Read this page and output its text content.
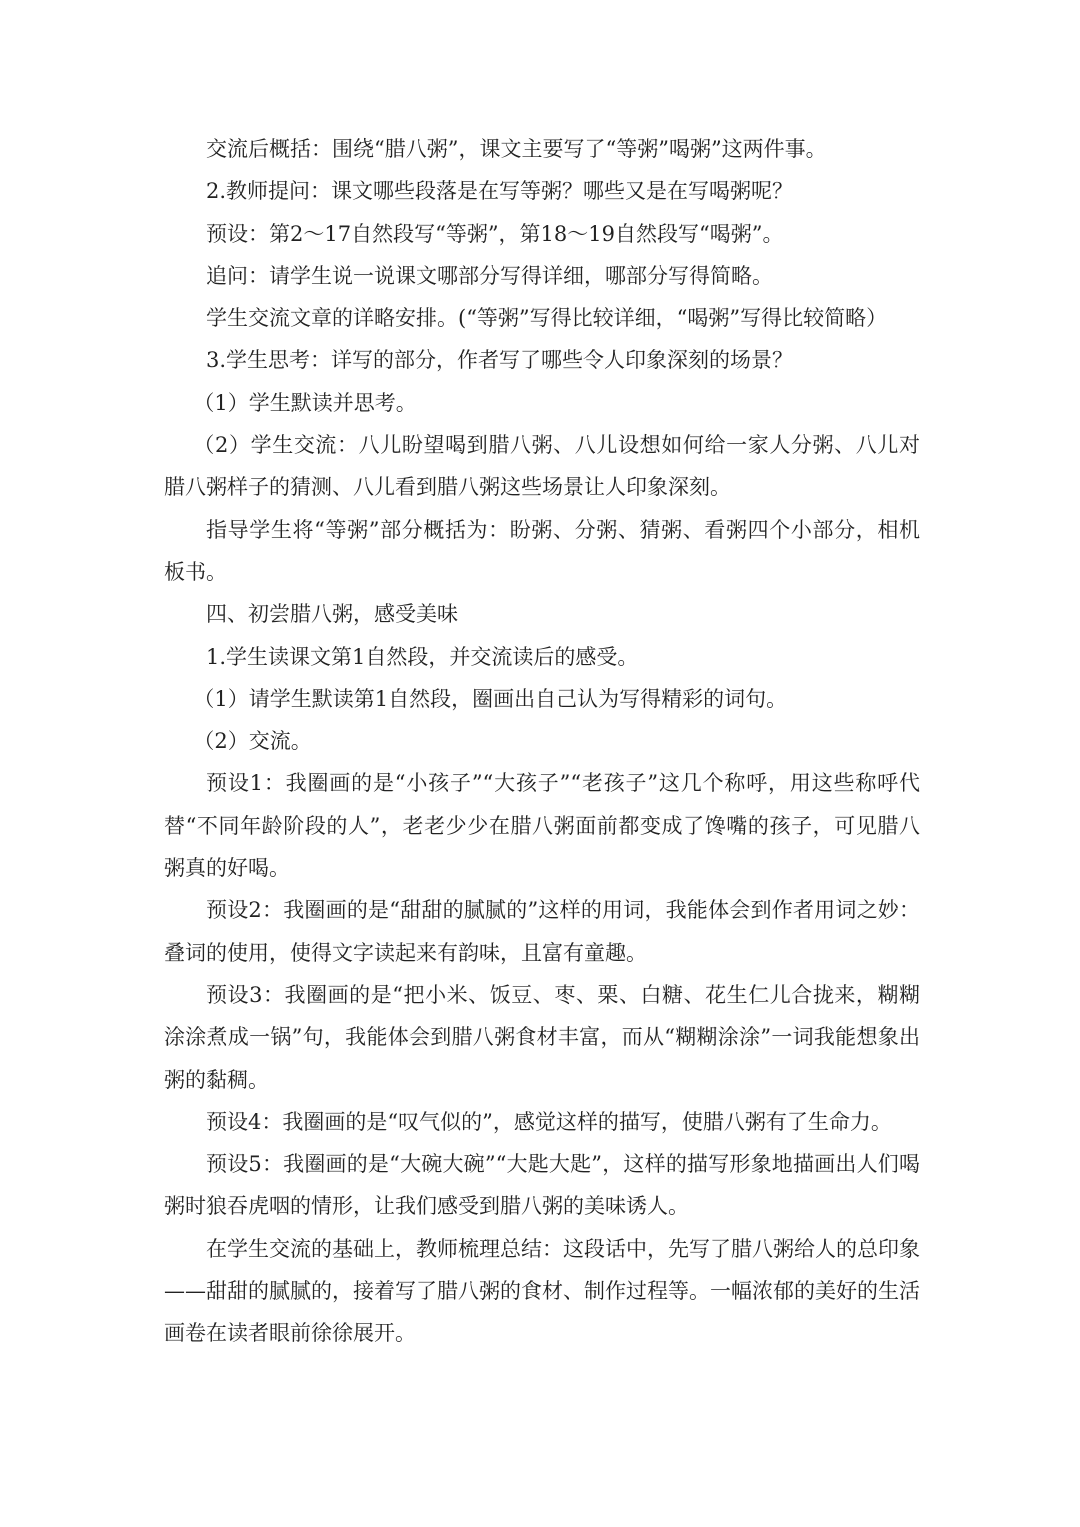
交流后概括：围绕“腊八粥”，课文主要写了“等粥”喝粥”这两件事。

2.教师提问：课文哪些段落是在写等粥？哪些又是在写喝粥呢？

预设：第2～17自然段写“等粥”，第18～19自然段写“喝粥”。

追问：请学生说一说课文哪部分写得详细，哪部分写得简略。

学生交流文章的详略安排。(“等粥”写得比较详细，“喝粥”写得比较简略）

3.学生思考：详写的部分，作者写了哪些令人印象深刻的场景？

（1）学生默读并思考。

（2）学生交流：八儿盼望喝到腊八粥、八儿设想如何给一家人分粥、八儿对腊八粥样子的猜测、八儿看到腊八粥这些场景让人印象深刻。

指导学生将“等粥”部分概括为：盼粥、分粥、猜粥、看粥四个小部分，相机板书。

四、初尝腊八粥，感受美味

1.学生读课文第1自然段，并交流读后的感受。

（1）请学生默读第1自然段，圈画出自己认为写得精彩的词句。

（2）交流。

预设1：我圈画的是“小孩子”“大孩子”“老孩子”这几个称呼，用这些称呼代替“不同年龄阶段的人”，老老少少在腊八粥面前都变成了馋嘴的孩子，可见腊八粥真的好喝。

预设2：我圈画的是“甜甜的腻腻的”这样的用词，我能体会到作者用词之妙：叠词的使用，使得文字读起来有韵味，且富有童趣。

预设3：我圈画的是“把小米、饭豆、枣、栗、白糖、花生仁儿合拢来，糊糊涂涂煮成一锅”句，我能体会到腊八粥食材丰富，而从“糊糊涂涂”一词我能想象出粥的黏稠。

预设4：我圈画的是“叹气似的”，感觉这样的描写，使腊八粥有了生命力。

预设5：我圈画的是“大碗大碗”“大匙大匙”，这样的描写形象地描画出人们喝粥时狼吞虎咽的情形，让我们感受到腊八粥的美味诱人。

在学生交流的基础上，教师梳理总结：这段话中，先写了腊八粥给人的总印象——甜甜的腻腻的，接着写了腊八粥的食材、制作过程等。一幅浓郁的美好的生活画卷在读者眼前徐徐展开。
